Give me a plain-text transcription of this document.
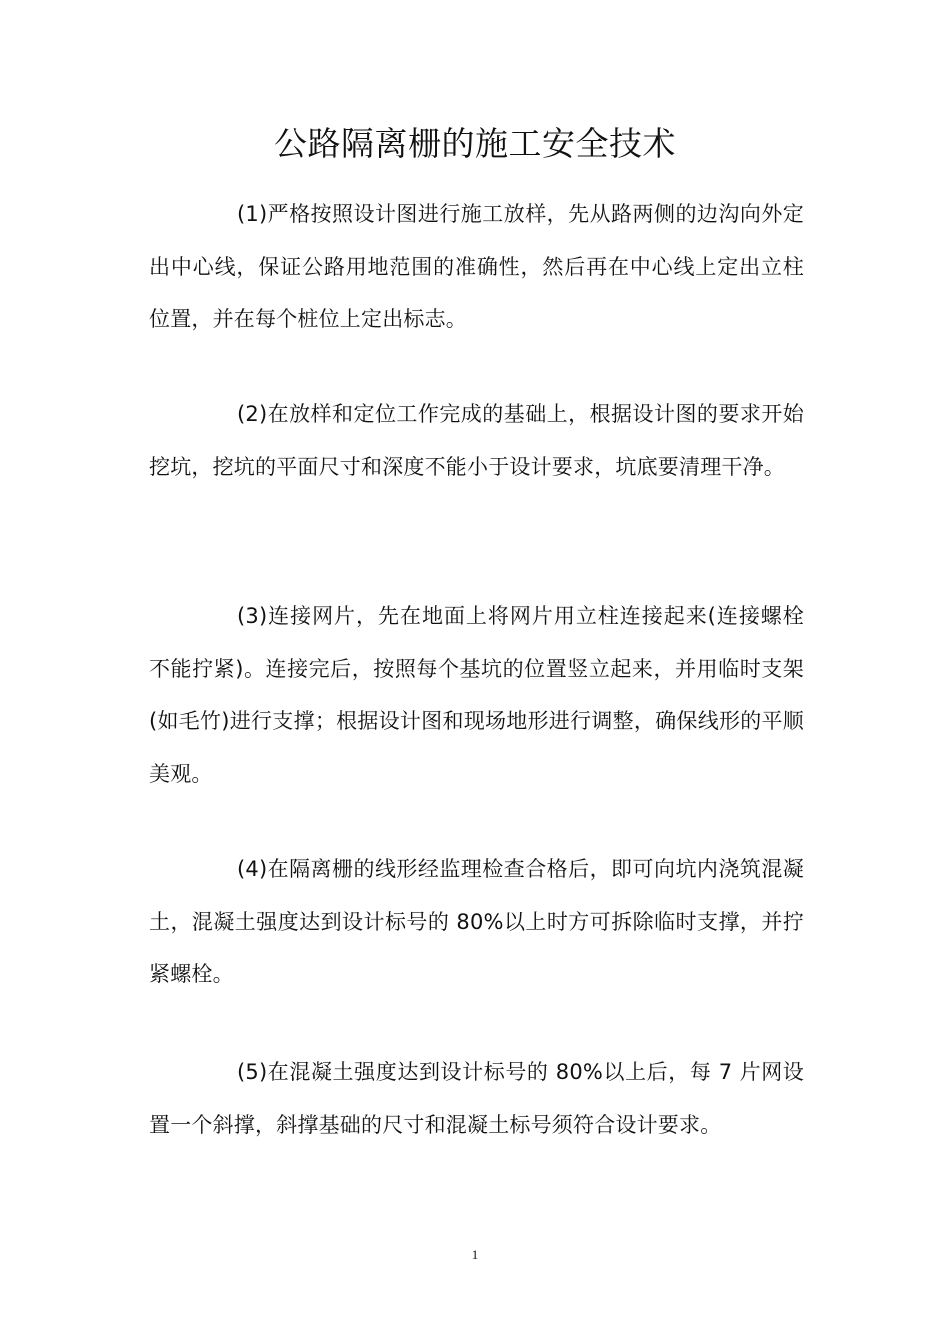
公路隔离栅的施工安全技术

(1)严格按照设计图进行施工放样，先从路两侧的边沟向外定出中心线，保证公路用地范围的准确性，然后再在中心线上定出立柱位置，并在每个桩位上定出标志。

(2)在放样和定位工作完成的基础上，根据设计图的要求开始挖坑，挖坑的平面尺寸和深度不能小于设计要求，坑底要清理干净。

(3)连接网片，先在地面上将网片用立柱连接起来(连接螺栓不能拧紧)。连接完后，按照每个基坑的位置竖立起来，并用临时支架(如毛竹)进行支撑；根据设计图和现场地形进行调整，确保线形的平顺美观。

(4)在隔离栅的线形经监理检查合格后，即可向坑内浇筑混凝土，混凝土强度达到设计标号的 80%以上时方可拆除临时支撑，并拧紧螺栓。

(5)在混凝土强度达到设计标号的 80%以上后，每 7 片网设置一个斜撑，斜撑基础的尺寸和混凝土标号须符合设计要求。

1
